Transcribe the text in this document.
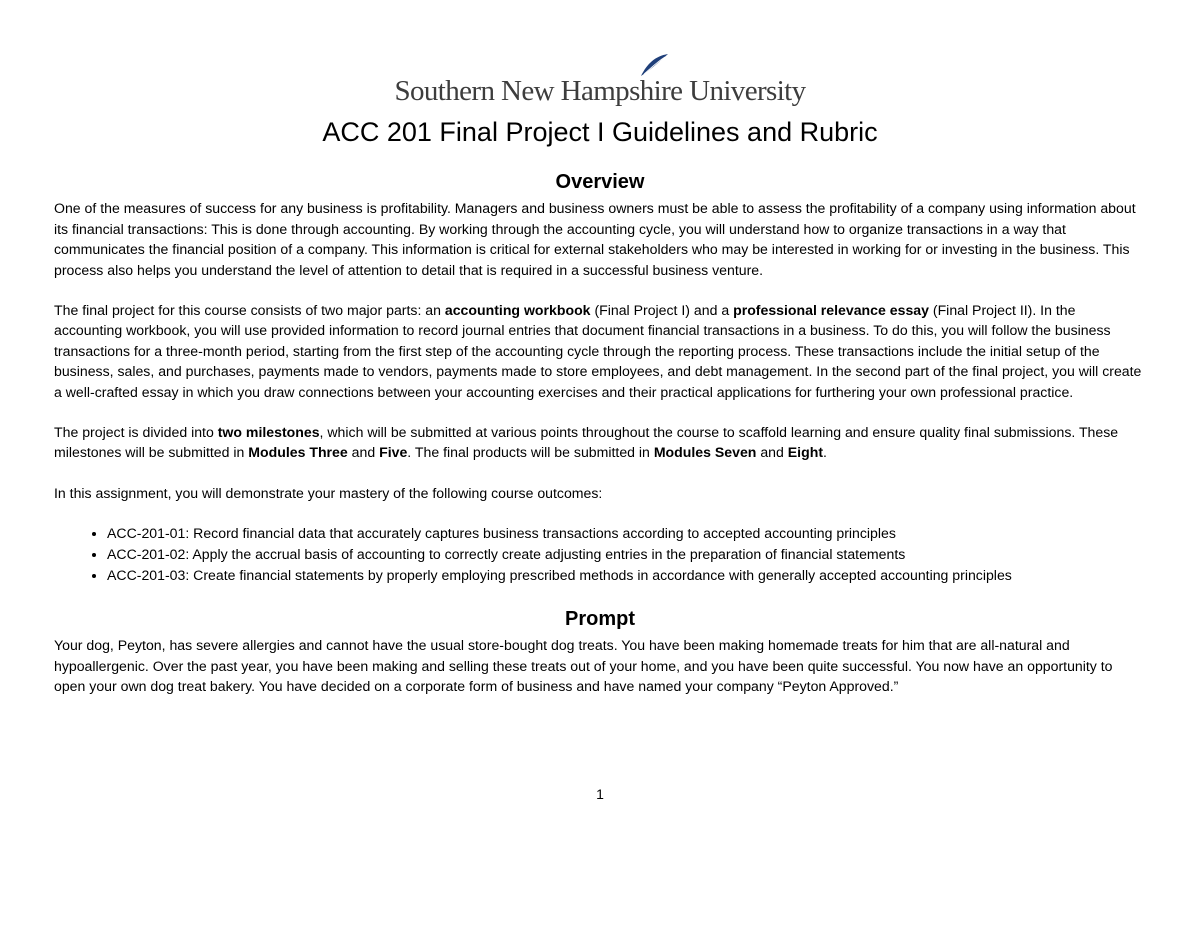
Southern New Hampshire University
ACC 201 Final Project I Guidelines and Rubric
Overview

One of the measures of success for any business is profitability. Managers and business owners must be able to assess the profitability of a company using information about its financial transactions: This is done through accounting. By working through the accounting cycle, you will understand how to organize transactions in a way that communicates the financial position of a company. This information is critical for external stakeholders who may be interested in working for or investing in the business. This process also helps you understand the level of attention to detail that is required in a successful business venture.

The final project for this course consists of two major parts: an accounting workbook (Final Project I) and a professional relevance essay (Final Project II). In the accounting workbook, you will use provided information to record journal entries that document financial transactions in a business. To do this, you will follow the business transactions for a three-month period, starting from the first step of the accounting cycle through the reporting process. These transactions include the initial setup of the business, sales, and purchases, payments made to vendors, payments made to store employees, and debt management. In the second part of the final project, you will create a well-crafted essay in which you draw connections between your accounting exercises and their practical applications for furthering your own professional practice.

The project is divided into two milestones, which will be submitted at various points throughout the course to scaffold learning and ensure quality final submissions. These milestones will be submitted in Modules Three and Five. The final products will be submitted in Modules Seven and Eight.

In this assignment, you will demonstrate your mastery of the following course outcomes:

• ACC-201-01: Record financial data that accurately captures business transactions according to accepted accounting principles
• ACC-201-02: Apply the accrual basis of accounting to correctly create adjusting entries in the preparation of financial statements
• ACC-201-03: Create financial statements by properly employing prescribed methods in accordance with generally accepted accounting principles
Prompt

Your dog, Peyton, has severe allergies and cannot have the usual store-bought dog treats. You have been making homemade treats for him that are all-natural and hypoallergenic. Over the past year, you have been making and selling these treats out of your home, and you have been quite successful. You now have an opportunity to open your own dog treat bakery. You have decided on a corporate form of business and have named your company “Peyton Approved.”

1
